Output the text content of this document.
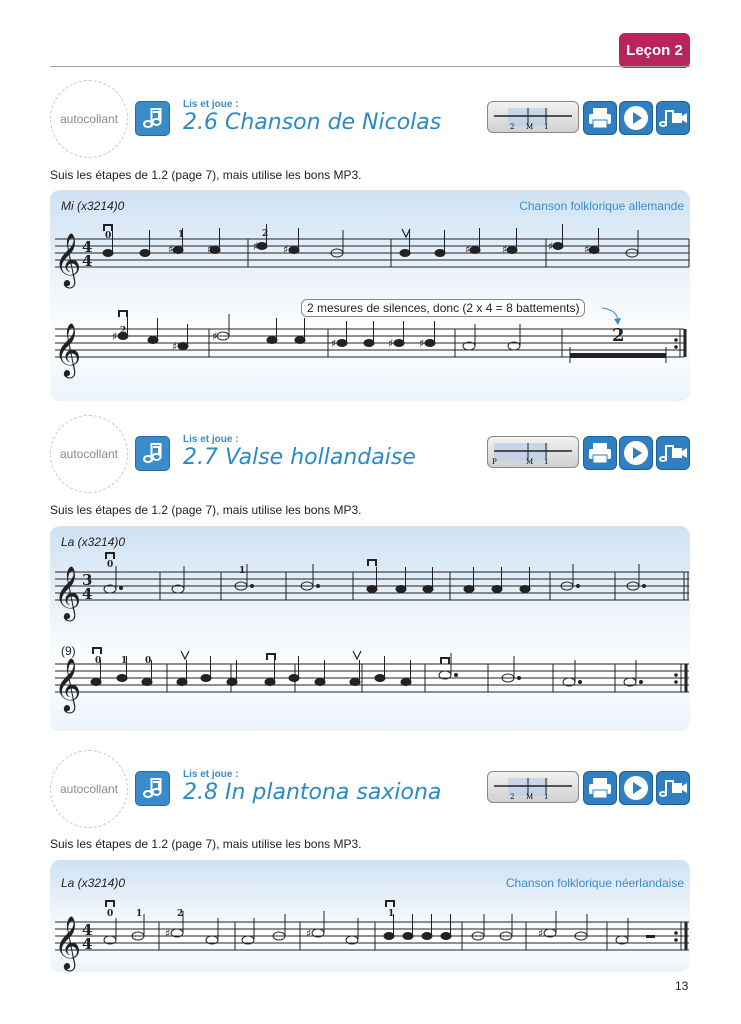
Leçon 2
autocollant
Lis et joue :
2.6 Chanson de Nicolas	2 M 1
Suis les étapes de 1.2 (page 7), mais utilise les bons MP3.
Mi (x3214)0	Chanson folklorique allemande
𝄞
𝄞
4
4
♯	♯	♯ ♯	♯	♯	♯	♯
♯
♯
♯
♯	♯ ♯
0	1	2
2	2
2 mesures de silences, donc (2 x 4 = 8 battements)
autocollant
Lis et joue :
2.7 Valse hollandaise	P	M 1
Suis les étapes de 1.2 (page 7), mais utilise les bons MP3.
La (x3214)0
𝄞
𝄞
3
4
0
1
0 1 0
(9)
autocollant
Lis et joue :
2.8 In plantona saxiona	2 M 1
Suis les étapes de 1.2 (page 7), mais utilise les bons MP3.
La (x3214)0	Chanson folklorique néerlandaise
𝄞 4
4
♯	♯	♯
0	1	2	1
13
